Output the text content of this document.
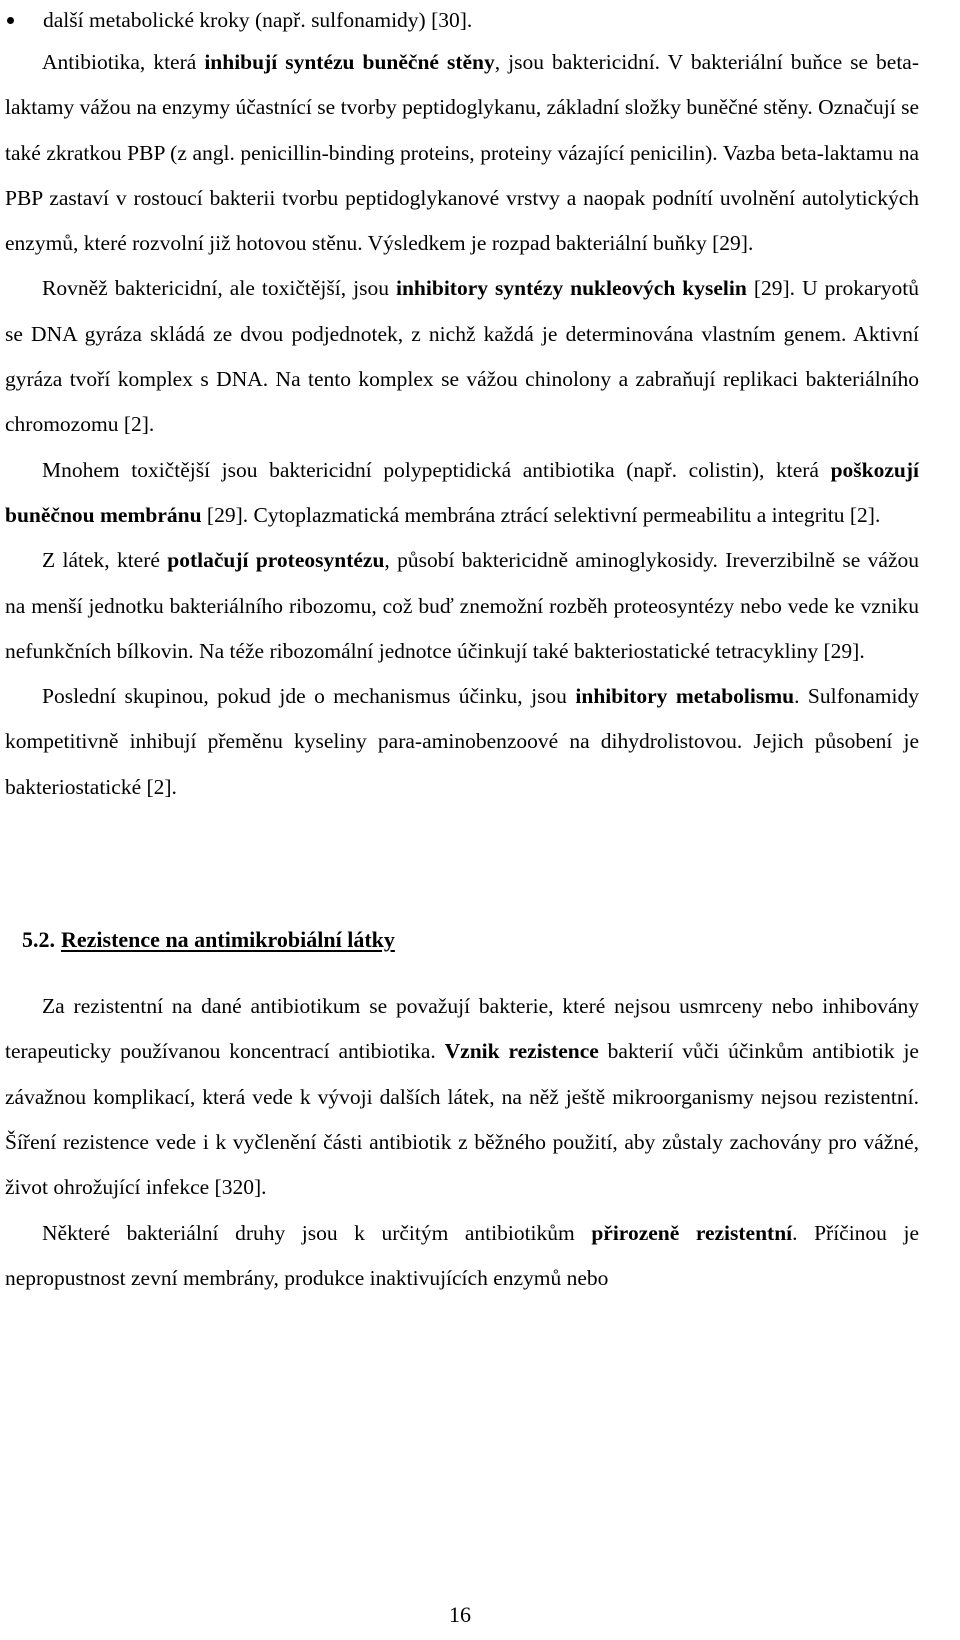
další metabolické kroky (např. sulfonamidy) [30].

Antibiotika, která inhibují syntézu buněčné stěny, jsou baktericidní. V bakteriální buňce se beta-laktamy vážou na enzymy účastnící se tvorby peptidoglykanu, základní složky buněčné stěny. Označují se také zkratkou PBP (z angl. penicillin-binding proteins, proteiny vázající penicilin). Vazba beta-laktamu na PBP zastaví v rostoucí bakterii tvorbu peptidoglykanové vrstvy a naopak podnítí uvolnění autolytických enzymů, které rozvolní již hotovou stěnu. Výsledkem je rozpad bakteriální buňky [29].

Rovněž baktericidní, ale toxičtější, jsou inhibitory syntézy nukleových kyselin [29]. U prokaryotů se DNA gyráza skládá ze dvou podjednotek, z nichž každá je determinována vlastním genem. Aktivní gyráza tvoří komplex s DNA. Na tento komplex se vážou chinolony a zabraňují replikaci bakteriálního chromozomu [2].

Mnohem toxičtější jsou baktericidní polypeptidická antibiotika (např. colistin), která poškozují buněčnou membránu [29]. Cytoplazmatická membrána ztrácí selektivní permeabilitu a integritu [2].

Z látek, které potlačují proteosyntézu, působí baktericidně aminoglykosidy. Ireverzibilně se vážou na menší jednotku bakteriálního ribozomu, což buď znemožní rozběh proteosyntézy nebo vede ke vzniku nefunkčních bílkovin. Na téže ribozomální jednotce účinkují také bakteriostatické tetracykliny [29].

Poslední skupinou, pokud jde o mechanismus účinku, jsou inhibitory metabolismu. Sulfonamidy kompetitivně inhibují přeměnu kyseliny para-aminobenzoové na dihydrolistovou. Jejich působení je bakteriostatické [2].

5.2. Rezistence na antimikrobiální látky

Za rezistentní na dané antibiotikum se považují bakterie, které nejsou usmrceny nebo inhibovány terapeuticky používanou koncentrací antibiotika. Vznik rezistence bakterií vůči účinkům antibiotik je závažnou komplikací, která vede k vývoji dalších látek, na něž ještě mikroorganismy nejsou rezistentní. Šíření rezistence vede i k vyčlenění části antibiotik z běžného použití, aby zůstaly zachovány pro vážné, život ohrožující infekce [320].

Některé bakteriální druhy jsou k určitým antibiotikům přirozeně rezistentní. Příčinou je nepropustnost zevní membrány, produkce inaktivujících enzymů nebo

16
